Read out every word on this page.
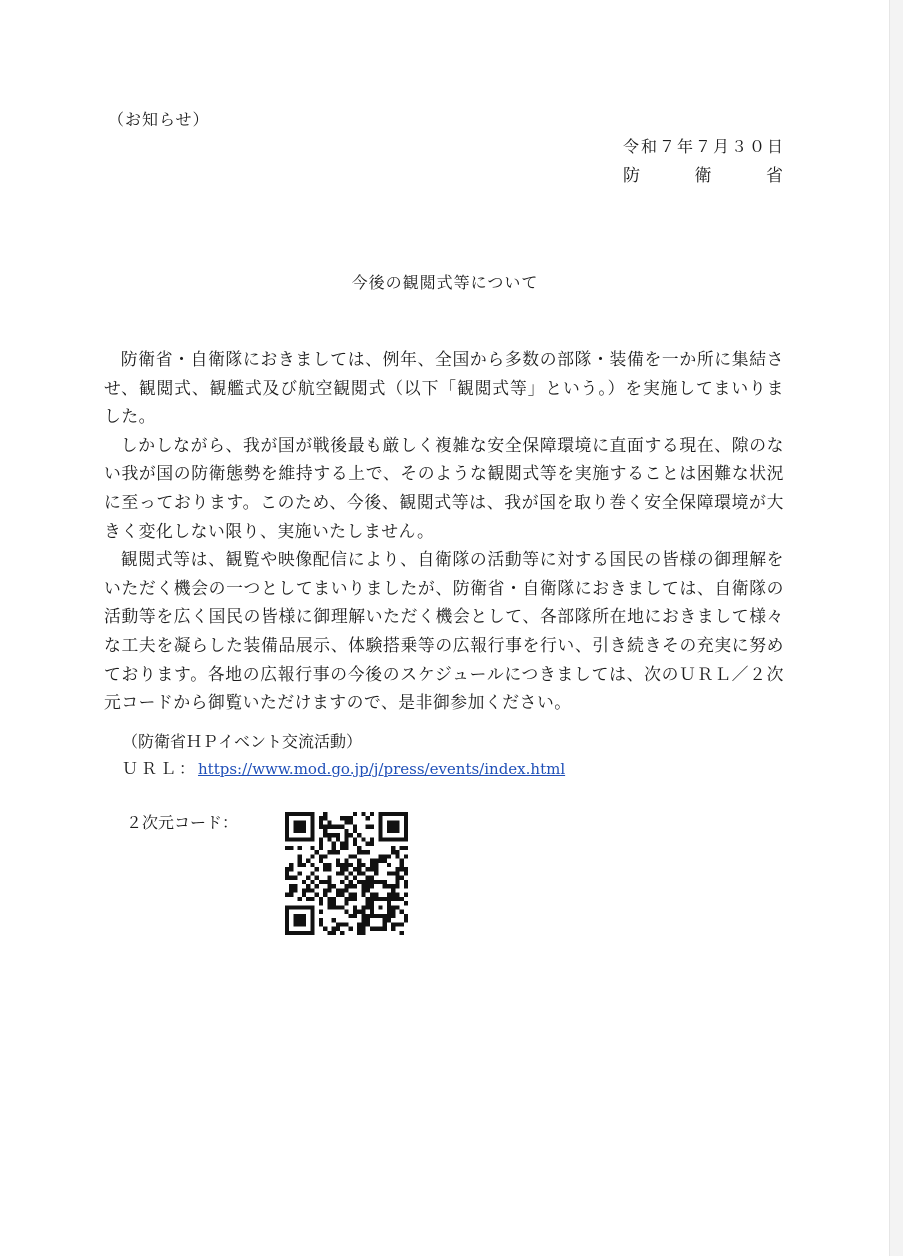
（お知らせ）
令和７年７月３０日
防	衛	省
今後の観閲式等について

防衛省・自衛隊におきましては、例年、全国から多数の部隊・装備を一か所に集結させ、観閲式、観艦式及び航空観閲式（以下「観閲式等」という。）を実施してまいりました。

しかしながら、我が国が戦後最も厳しく複雑な安全保障環境に直面する現在、隙のない我が国の防衛態勢を維持する上で、そのような観閲式等を実施することは困難な状況に至っております。このため、今後、観閲式等は、我が国を取り巻く安全保障環境が大きく変化しない限り、実施いたしません。

観閲式等は、観覧や映像配信により、自衛隊の活動等に対する国民の皆様の御理解をいただく機会の一つとしてまいりましたが、防衛省・自衛隊におきましては、自衛隊の活動等を広く国民の皆様に御理解いただく機会として、各部隊所在地におきまして様々な工夫を凝らした装備品展示、体験搭乗等の広報行事を行い、引き続きその充実に努めております。各地の広報行事の今後のスケジュールにつきましては、次のＵＲＬ／２次元コードから御覧いただけますので、是非御参加ください。

（防衛省ＨＰイベント交流活動）
ＵＲＬ：https://www.mod.go.jp/j/press/events/index.html
２次元コード：
